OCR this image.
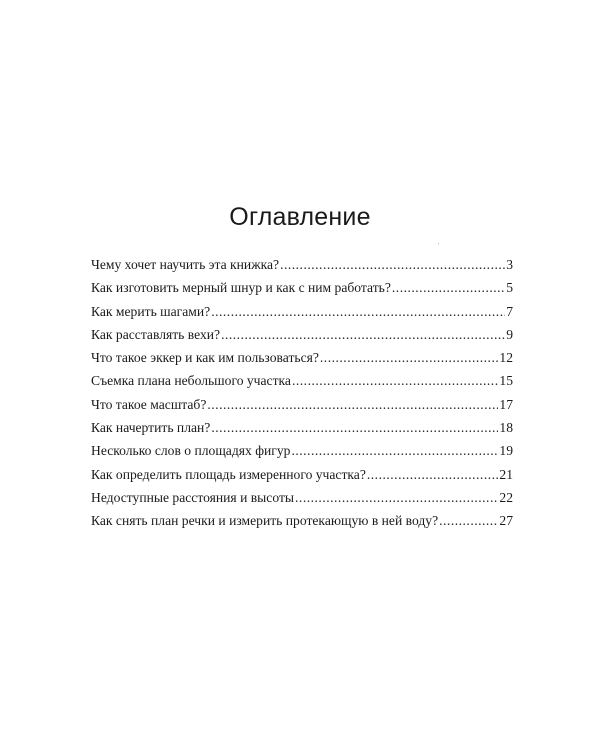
Оглавление
Чему хочет научить эта книжка? .....	3
Как изготовить мерный шнур и как с ним работать? .....	5
Как мерить шагами? .....	7
Как расставлять вехи? .....	9
Что такое эккер и как им пользоваться? .....	12
Съемка плана небольшого участка .....	15
Что такое масштаб? .....	17
Как начертить план? .....	18
Несколько слов о площадях фигур .....	19
Как определить площадь измеренного участка? .....	21
Недоступные расстояния и высоты .....	22
Как снять план речки и измерить протекающую в ней воду? .....	27
